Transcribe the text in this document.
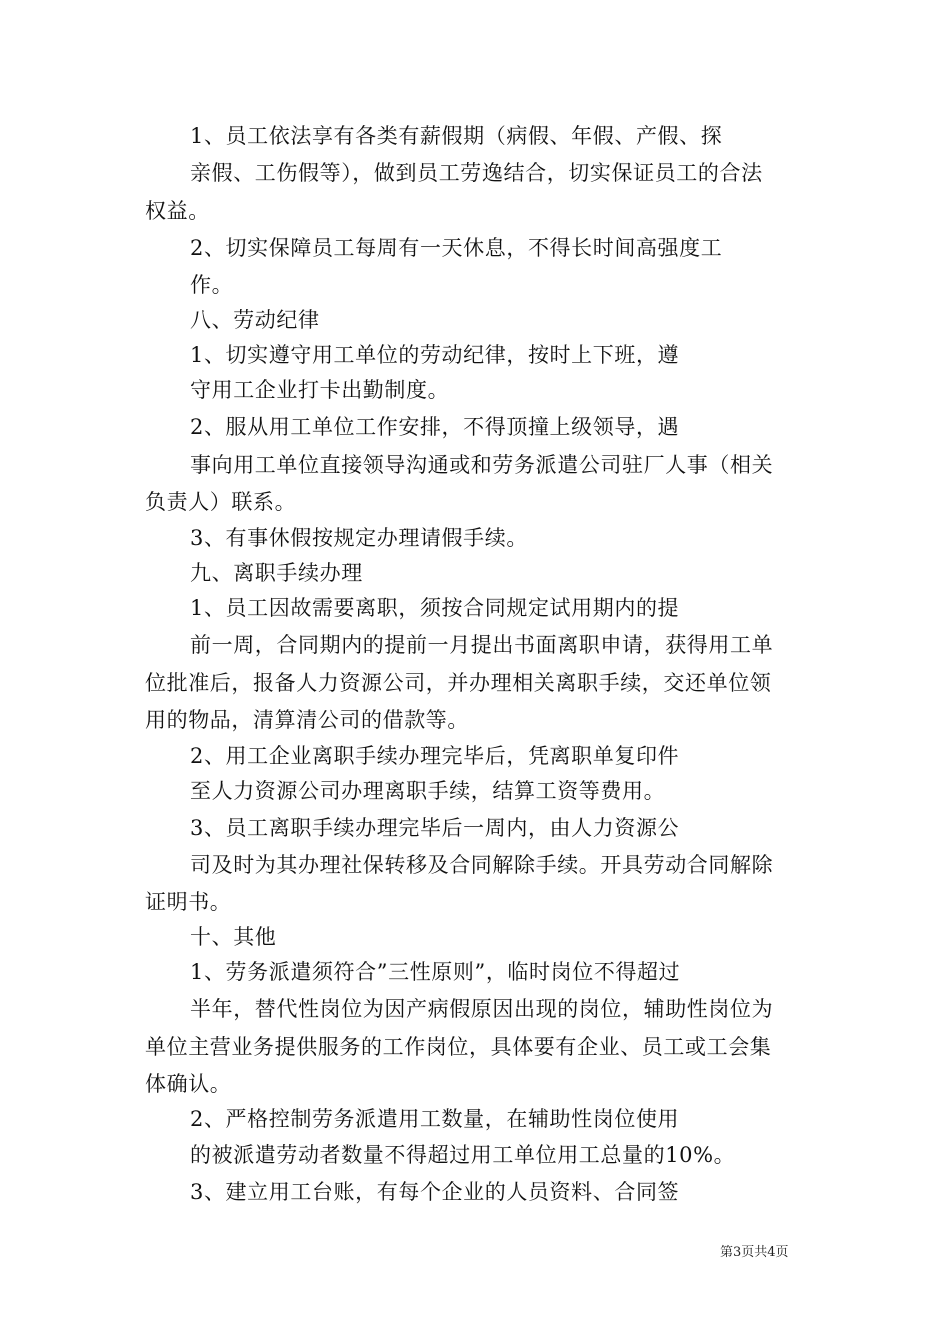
1、员工依法享有各类有薪假期（病假、年假、产假、探

亲假、工伤假等），做到员工劳逸结合，切实保证员工的合法

权益。

2、切实保障员工每周有一天休息，不得长时间高强度工

作。

八、劳动纪律

1、切实遵守用工单位的劳动纪律，按时上下班，遵

守用工企业打卡出勤制度。

2、服从用工单位工作安排，不得顶撞上级领导，遇

事向用工单位直接领导沟通或和劳务派遣公司驻厂人事（相关

负责人）联系。

3、有事休假按规定办理请假手续。

九、离职手续办理

1、员工因故需要离职，须按合同规定试用期内的提

前一周，合同期内的提前一月提出书面离职申请，获得用工单

位批准后，报备人力资源公司，并办理相关离职手续，交还单位领

用的物品，清算清公司的借款等。

2、用工企业离职手续办理完毕后，凭离职单复印件

至人力资源公司办理离职手续，结算工资等费用。

3、员工离职手续办理完毕后一周内，由人力资源公

司及时为其办理社保转移及合同解除手续。开具劳动合同解除

证明书。

十、其他

1、劳务派遣须符合”三性原则”，临时岗位不得超过

半年，替代性岗位为因产病假原因出现的岗位，辅助性岗位为

单位主营业务提供服务的工作岗位，具体要有企业、员工或工会集

体确认。

2、严格控制劳务派遣用工数量，在辅助性岗位使用

的被派遣劳动者数量不得超过用工单位用工总量的10%。

3、建立用工台账，有每个企业的人员资料、合同签

第3页共4页
